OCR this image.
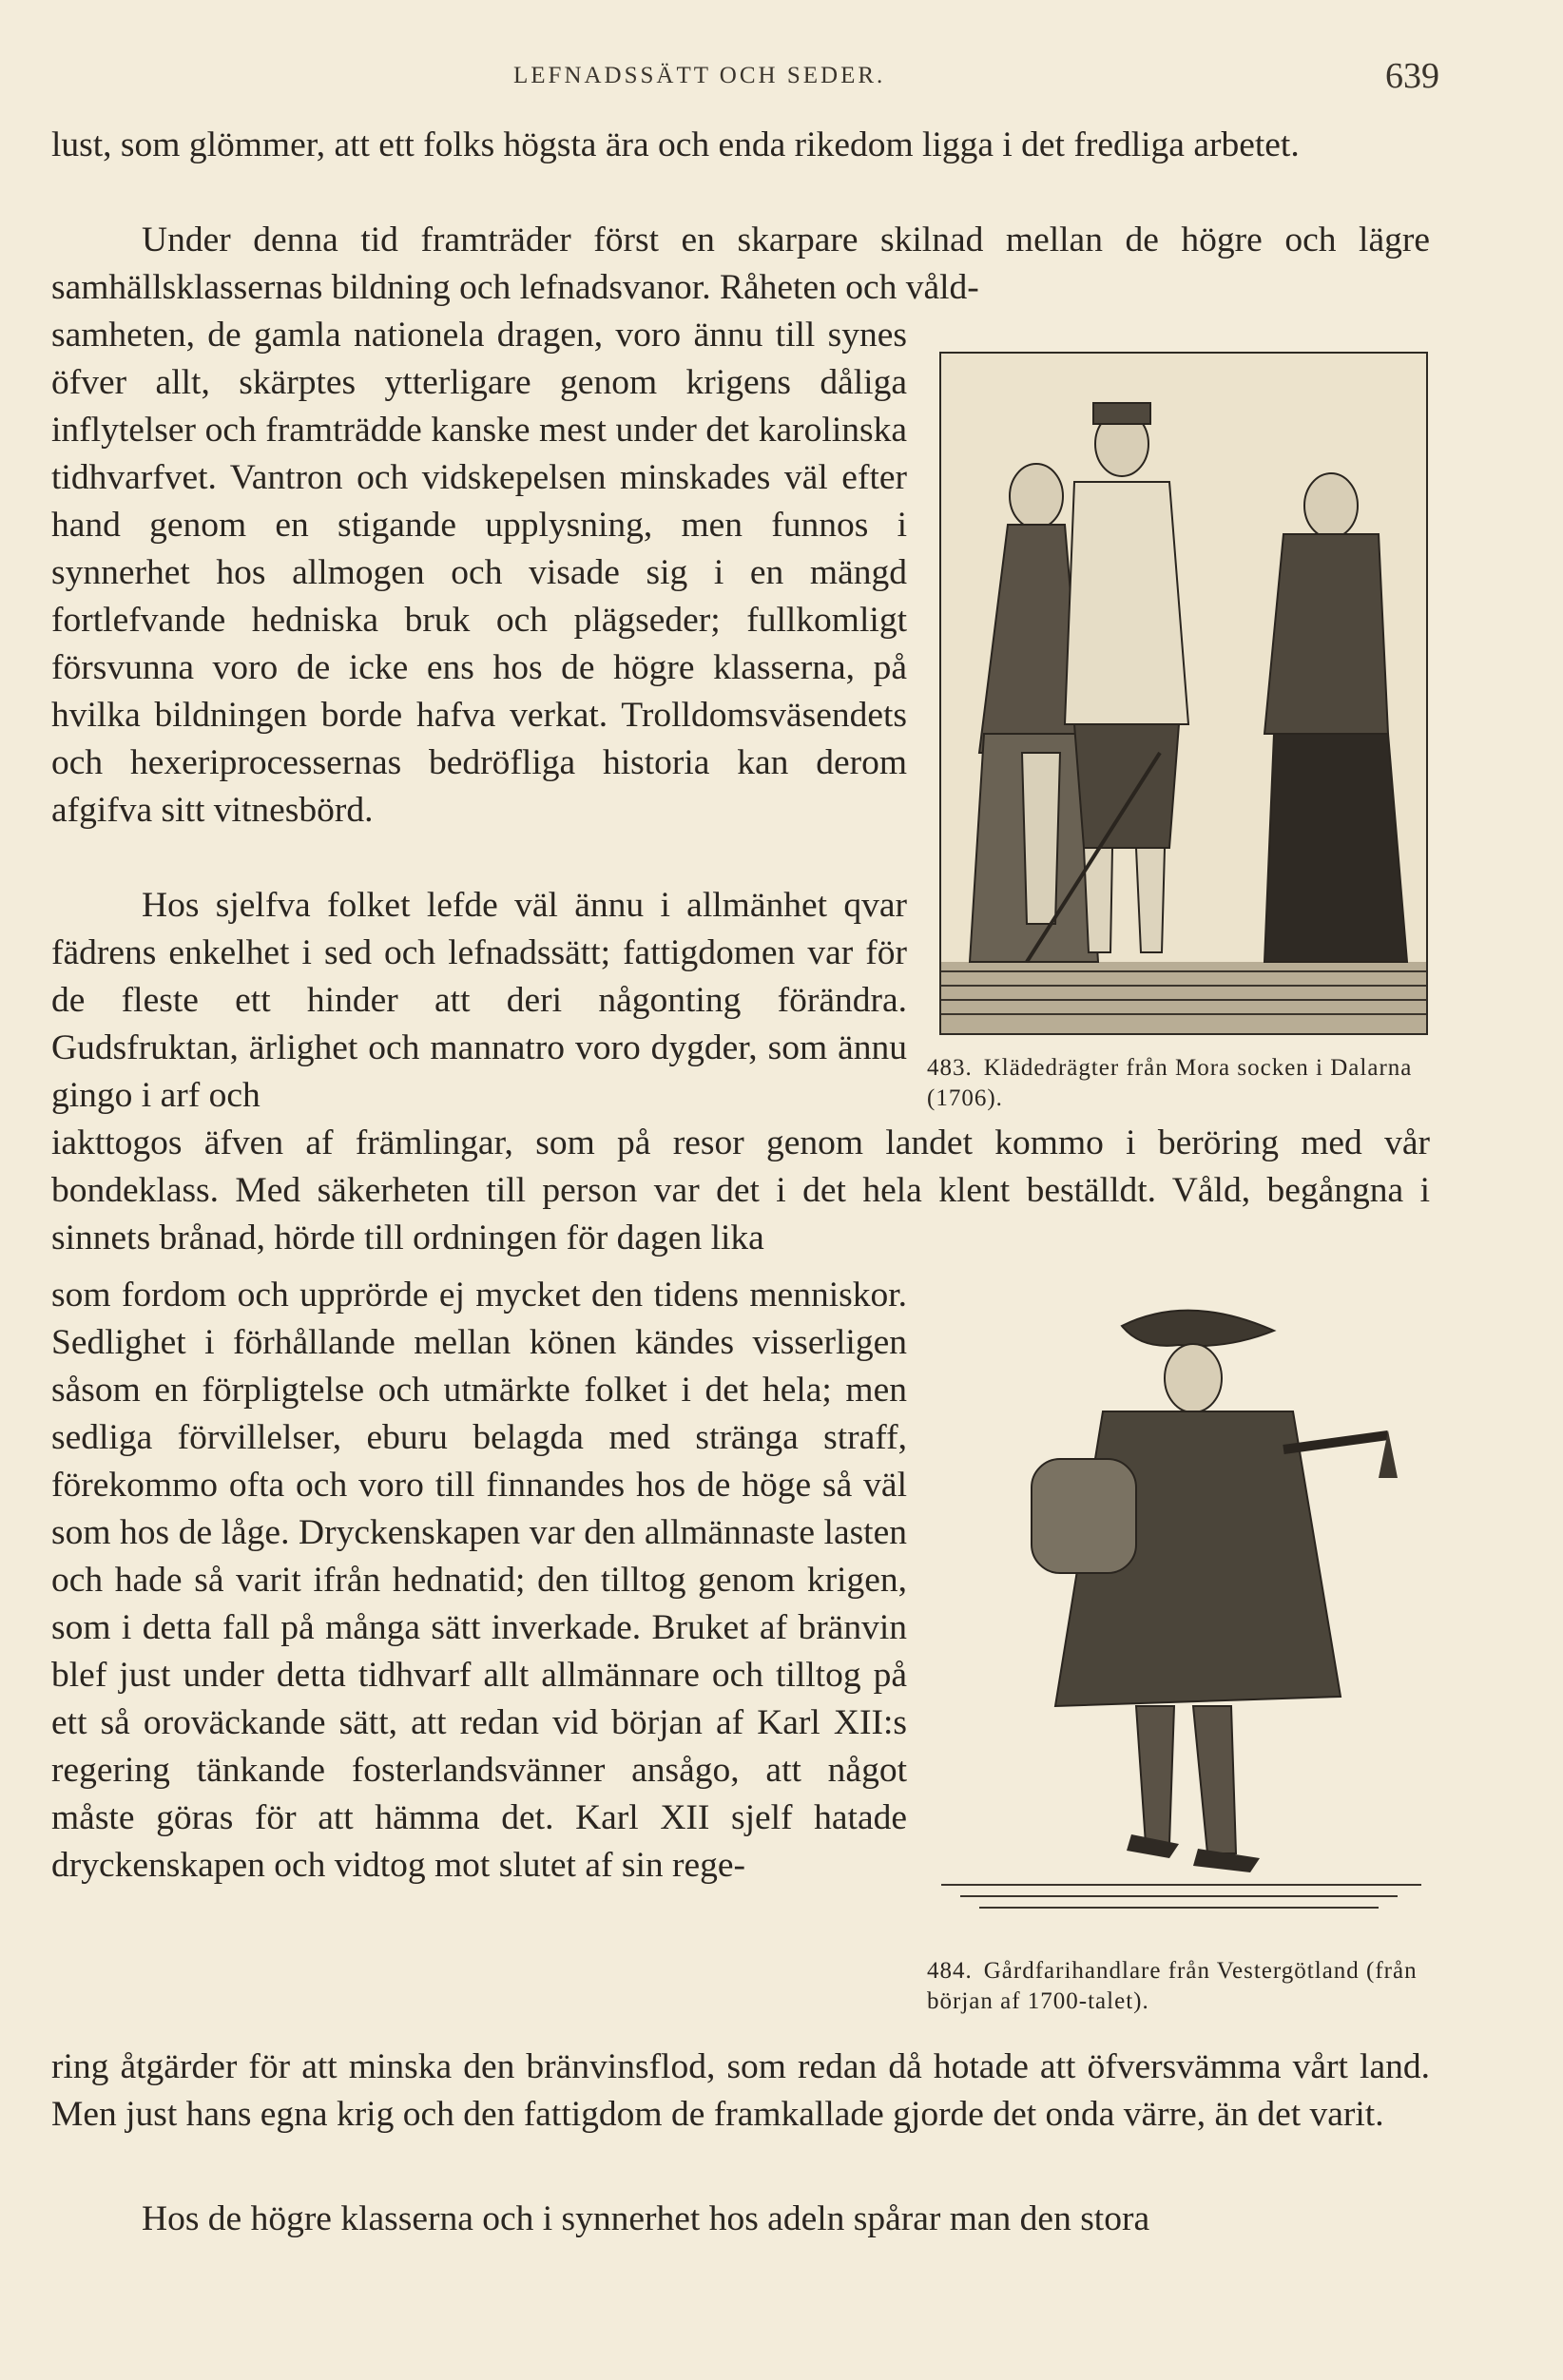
LEFNADSSÄTT OCH SEDER.	639
lust, som glömmer, att ett folks högsta ära och enda rikedom ligga i det fredliga arbetet.
Under denna tid framträder först en skarpare skilnad mellan de högre och lägre samhällsklassernas bildning och lefnadsvanor. Råheten och våld-
samheten, de gamla nationela dragen, voro ännu till synes öfver allt, skärptes ytterligare genom krigens dåliga inflytelser och framträdde kanske mest under det karolinska tidhvarfvet. Vantron och vidskepelsen minskades väl efter hand genom en stigande upplysning, men funnos i synnerhet hos allmogen och visade sig i en mängd fortlefvande hedniska bruk och plägseder; fullkomligt försvunna voro de icke ens hos de högre klasserna, på hvilka bildningen borde hafva verkat. Trolldomsväsendets och hexeriprocessernas bedröfliga historia kan derom afgifva sitt vitnesbörd.
Hos sjelfva folket lefde väl ännu i allmänhet qvar fädrens enkelhet i sed och lefnadssätt; fattigdomen var för de fleste ett hinder att deri någonting förändra. Gudsfruktan, ärlighet och mannatro voro dygder, som ännu gingo i arf och
483. Klädedrägter från Mora socken i Dalarna (1706).
iakttogos äfven af främlingar, som på resor genom landet kommo i beröring med vår bondeklass. Med säkerheten till person var det i det hela klent beställdt. Våld, begångna i sinnets brånad, hörde till ordningen för dagen lika
som fordom och upprörde ej mycket den tidens menniskor. Sedlighet i förhållande mellan könen kändes visserligen såsom en förpligtelse och utmärkte folket i det hela; men sedliga förvillelser, eburu belagda med stränga straff, förekommo ofta och voro till finnandes hos de höge så väl som hos de låge. Dryckenskapen var den allmännaste lasten och hade så varit ifrån hednatid; den tilltog genom krigen, som i detta fall på många sätt inverkade. Bruket af bränvin blef just under detta tidhvarf allt allmännare och tilltog på ett så oroväckande sätt, att redan vid början af Karl XII:s regering tänkande fosterlandsvänner ansågo, att något måste göras för att hämma det. Karl XII sjelf hatade dryckenskapen och vidtog mot slutet af sin rege-
484. Gårdfarihandlare från Vestergötland (från början af 1700-talet).
ring åtgärder för att minska den bränvinsflod, som redan då hotade att öfversvämma vårt land. Men just hans egna krig och den fattigdom de framkallade gjorde det onda värre, än det varit.
Hos de högre klasserna och i synnerhet hos adeln spårar man den stora
